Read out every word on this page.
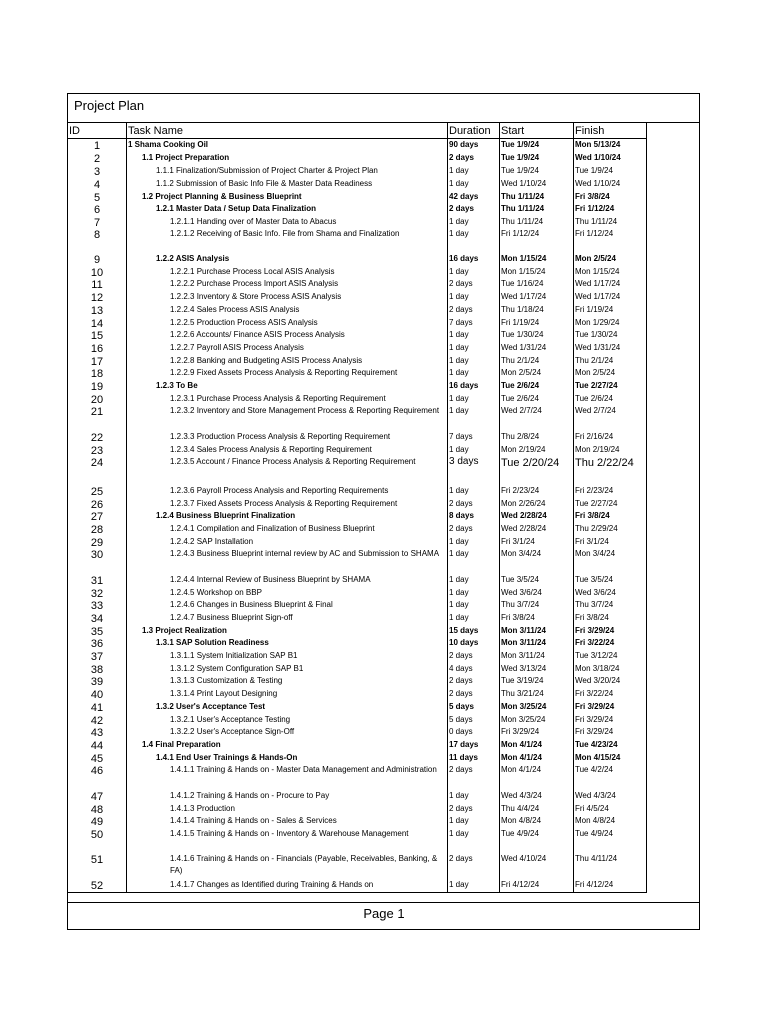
Project Plan
ID	Task Name	Duration Start	Finish
1	1 Shama Cooking Oil	90 days	Tue 1/9/24	Mon 5/13/24
2	1.1 Project Preparation	2 days	Tue 1/9/24	Wed 1/10/24
3	1.1.1 Finalization/Submission of Project Charter & Project Plan	1 day	Tue 1/9/24	Tue 1/9/24
4	1.1.2 Submission of Basic Info File & Master Data Readiness	1 day	Wed 1/10/24	Wed 1/10/24
5	1.2 Project Planning & Business Blueprint	42 days	Thu 1/11/24	Fri 3/8/24
6	1.2.1 Master Data / Setup Data Finalization	2 days	Thu 1/11/24	Fri 1/12/24
7	1.2.1.1 Handing over of Master Data to Abacus	1 day	Thu 1/11/24	Thu 1/11/24
8	1.2.1.2 Receiving of Basic Info. File from Shama and Finalization	1 day	Fri 1/12/24	Fri 1/12/24
9	1.2.2 ASIS Analysis	16 days	Mon 1/15/24	Mon 2/5/24
10	1.2.2.1 Purchase Process Local ASIS Analysis	1 day	Mon 1/15/24	Mon 1/15/24
11	1.2.2.2 Purchase Process Import ASIS Analysis	2 days	Tue 1/16/24	Wed 1/17/24
12	1.2.2.3 Inventory & Store Process ASIS Analysis	1 day	Wed 1/17/24	Wed 1/17/24
13	1.2.2.4 Sales Process ASIS Analysis	2 days	Thu 1/18/24	Fri 1/19/24
14	1.2.2.5 Production Process ASIS Analysis	7 days	Fri 1/19/24	Mon 1/29/24
15	1.2.2.6 Accounts/ Finance ASIS Process Analysis	1 day	Tue 1/30/24	Tue 1/30/24
16	1.2.2.7 Payroll ASIS Process Analysis	1 day	Wed 1/31/24	Wed 1/31/24
17	1.2.2.8 Banking and Budgeting ASIS Process Analysis	1 day	Thu 2/1/24	Thu 2/1/24
18	1.2.2.9 Fixed Assets Process Analysis & Reporting Requirement	1 day	Mon 2/5/24	Mon 2/5/24
19	1.2.3 To Be	16 days	Tue 2/6/24	Tue 2/27/24
20	1.2.3.1 Purchase Process Analysis & Reporting Requirement	1 day	Tue 2/6/24	Tue 2/6/24
21	1.2.3.2 Inventory and Store Management Process & Reporting Requirement	1 day	Wed 2/7/24	Wed 2/7/24
22	1.2.3.3 Production Process Analysis & Reporting Requirement	7 days	Thu 2/8/24	Fri 2/16/24
23	1.2.3.4 Sales Process Analysis & Reporting Requirement	1 day	Mon 2/19/24	Mon 2/19/24
24	1.2.3.5 Account / Finance Process Analysis & Reporting Requirement	3 days	Tue 2/20/24	Thu 2/22/24
25	1.2.3.6 Payroll Process Analysis and Reporting Requirements	1 day	Fri 2/23/24	Fri 2/23/24
26	1.2.3.7 Fixed Assets Process Analysis & Reporting Requirement	2 days	Mon 2/26/24	Tue 2/27/24
27	1.2.4 Business Blueprint Finalization	8 days	Wed 2/28/24	Fri 3/8/24
28	1.2.4.1 Compilation and Finalization of Business Blueprint	2 days	Wed 2/28/24	Thu 2/29/24
29	1.2.4.2 SAP Installation	1 day	Fri 3/1/24	Fri 3/1/24
30	1.2.4.3 Business Blueprint internal review by AC and Submission to SHAMA	1 day	Mon 3/4/24	Mon 3/4/24
31	1.2.4.4 Internal Review of Business Blueprint by SHAMA	1 day	Tue 3/5/24	Tue 3/5/24
32	1.2.4.5 Workshop on BBP	1 day	Wed 3/6/24	Wed 3/6/24
33	1.2.4.6 Changes in Business Blueprint & Final	1 day	Thu 3/7/24	Thu 3/7/24
34	1.2.4.7 Business Blueprint Sign-off	1 day	Fri 3/8/24	Fri 3/8/24
35	1.3 Project Realization	15 days	Mon 3/11/24	Fri 3/29/24
36	1.3.1 SAP Solution Readiness	10 days	Mon 3/11/24	Fri 3/22/24
37	1.3.1.1 System Initialization SAP B1	2 days	Mon 3/11/24	Tue 3/12/24
38	1.3.1.2 System Configuration SAP B1	4 days	Wed 3/13/24	Mon 3/18/24
39	1.3.1.3 Customization & Testing	2 days	Tue 3/19/24	Wed 3/20/24
40	1.3.1.4 Print Layout Designing	2 days	Thu 3/21/24	Fri 3/22/24
41	1.3.2 User's Acceptance Test	5 days	Mon 3/25/24	Fri 3/29/24
42	1.3.2.1 User's Acceptance Testing	5 days	Mon 3/25/24	Fri 3/29/24
43	1.3.2.2 User's Acceptance Sign-Off	0 days	Fri 3/29/24	Fri 3/29/24
44	1.4 Final Preparation	17 days	Mon 4/1/24	Tue 4/23/24
45	1.4.1 End User Trainings & Hands-On	11 days	Mon 4/1/24	Mon 4/15/24
46	1.4.1.1 Training & Hands on - Master Data Management and Administration	2 days	Mon 4/1/24	Tue 4/2/24
47	1.4.1.2 Training & Hands on - Procure to Pay	1 day	Wed 4/3/24	Wed 4/3/24
48	1.4.1.3 Production	2 days	Thu 4/4/24	Fri 4/5/24
49	1.4.1.4 Training & Hands on - Sales & Services	1 day	Mon 4/8/24	Mon 4/8/24
50	1.4.1.5 Training & Hands on - Inventory & Warehouse Management	1 day	Tue 4/9/24	Tue 4/9/24
51	1.4.1.6 Training & Hands on - Financials (Payable, Receivables, Banking, & FA)
2 days	Wed 4/10/24	Thu 4/11/24
52	1.4.1.7 Changes as Identified during Training & Hands on	1 day	Fri 4/12/24	Fri 4/12/24
Page 1
